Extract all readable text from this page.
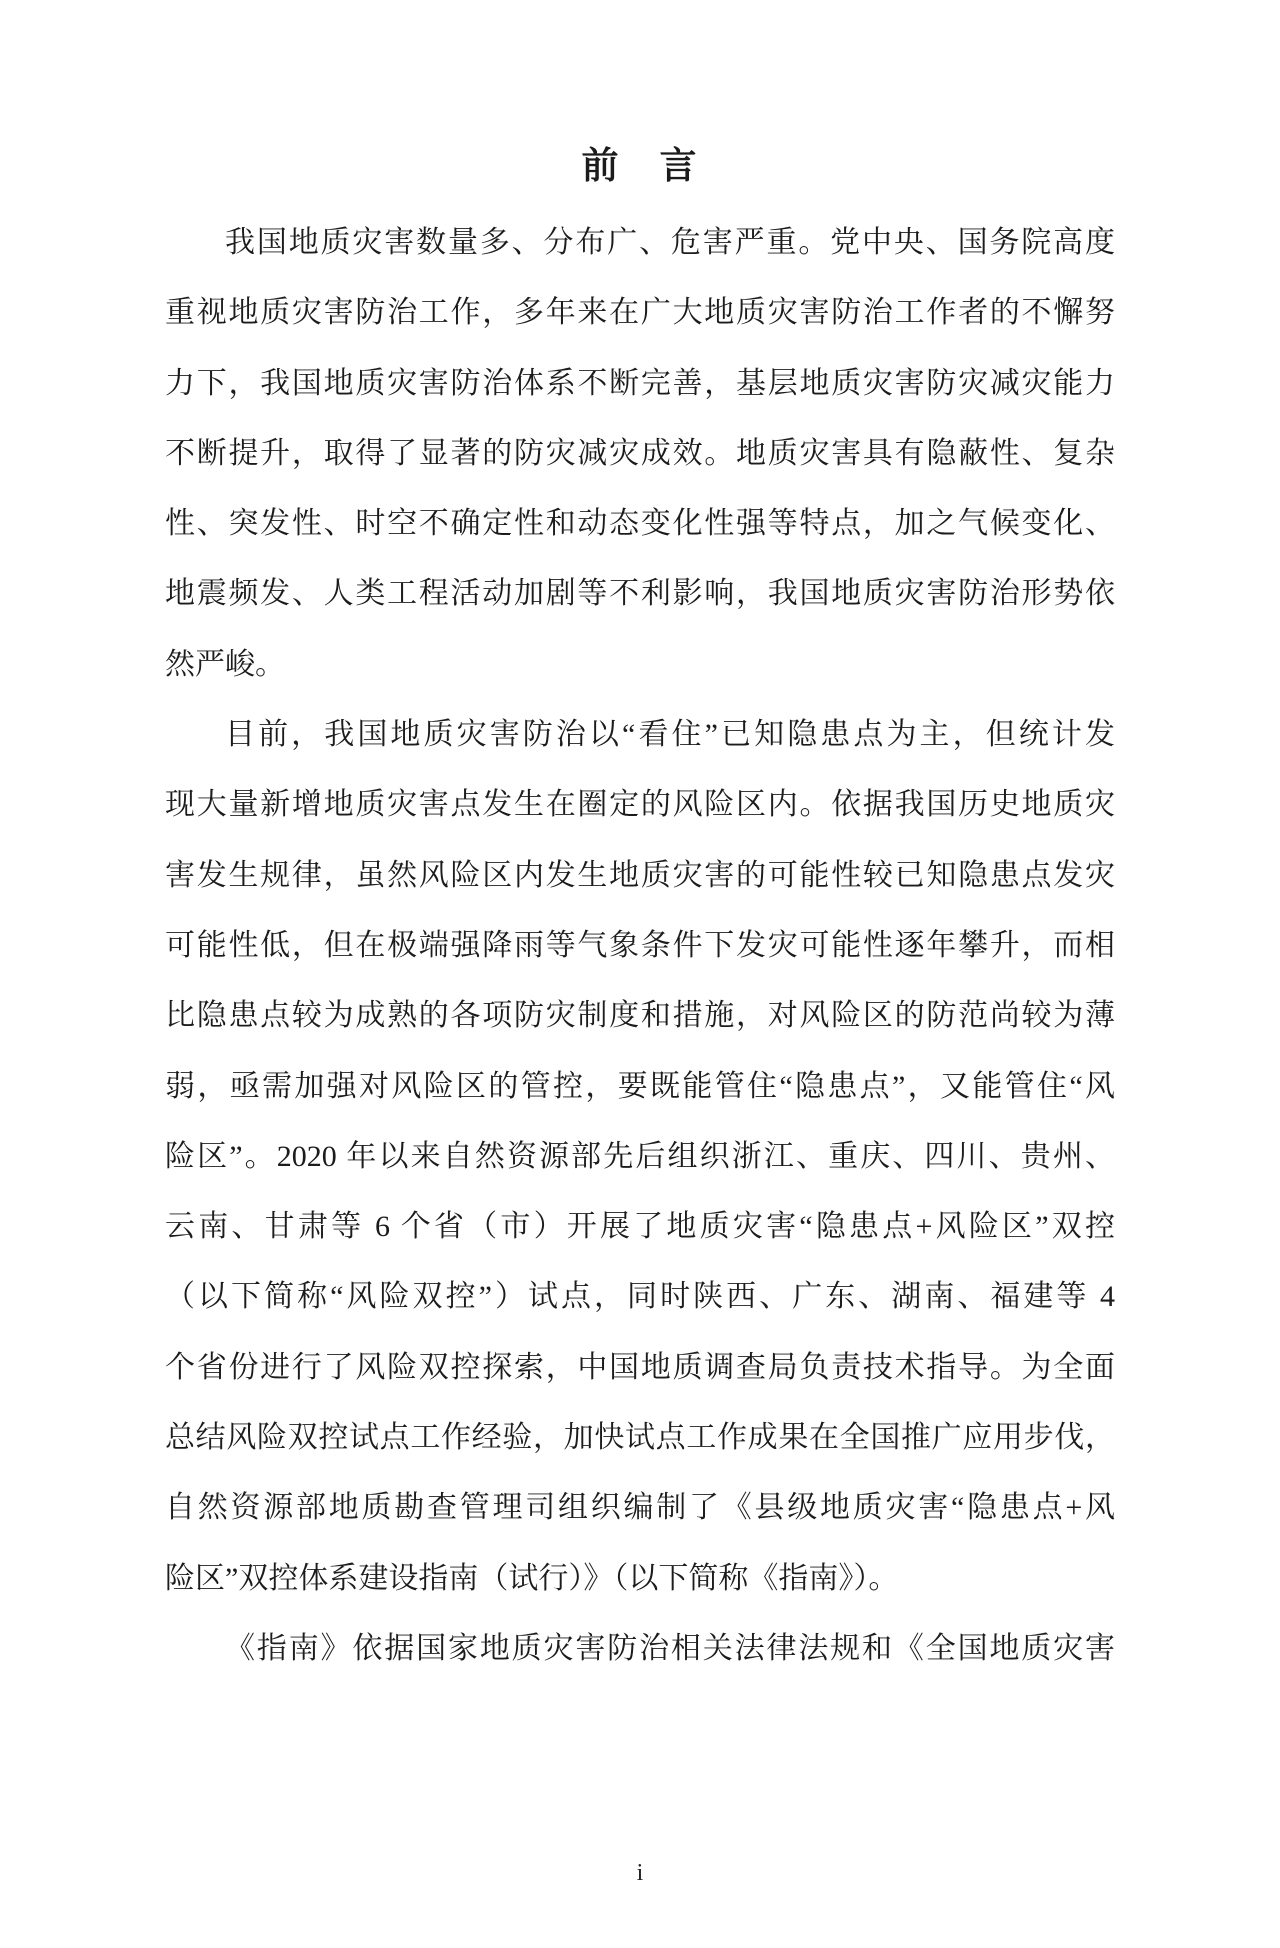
前　言
我国地质灾害数量多、分布广、危害严重。党中央、国务院高度
重视地质灾害防治工作，多年来在广大地质灾害防治工作者的不懈努
力下，我国地质灾害防治体系不断完善，基层地质灾害防灾减灾能力
不断提升，取得了显著的防灾减灾成效。地质灾害具有隐蔽性、复杂
性、突发性、时空不确定性和动态变化性强等特点，加之气候变化、
地震频发、人类工程活动加剧等不利影响，我国地质灾害防治形势依
然严峻。
目前，我国地质灾害防治以“看住”已知隐患点为主，但统计发
现大量新增地质灾害点发生在圈定的风险区内。依据我国历史地质灾
害发生规律，虽然风险区内发生地质灾害的可能性较已知隐患点发灾
可能性低，但在极端强降雨等气象条件下发灾可能性逐年攀升，而相
比隐患点较为成熟的各项防灾制度和措施，对风险区的防范尚较为薄
弱，亟需加强对风险区的管控，要既能管住“隐患点”，又能管住“风
险区”。2020 年以来自然资源部先后组织浙江、重庆、四川、贵州、
云南、甘肃等 6 个省（市）开展了地质灾害“隐患点+风险区”双控
（以下简称“风险双控”）试点，同时陕西、广东、湖南、福建等 4
个省份进行了风险双控探索，中国地质调查局负责技术指导。为全面
总结风险双控试点工作经验，加快试点工作成果在全国推广应用步伐，
自然资源部地质勘查管理司组织编制了《县级地质灾害“隐患点+风
险区”双控体系建设指南（试行）》（以下简称《指南》）。
《指南》依据国家地质灾害防治相关法律法规和《全国地质灾害
i
